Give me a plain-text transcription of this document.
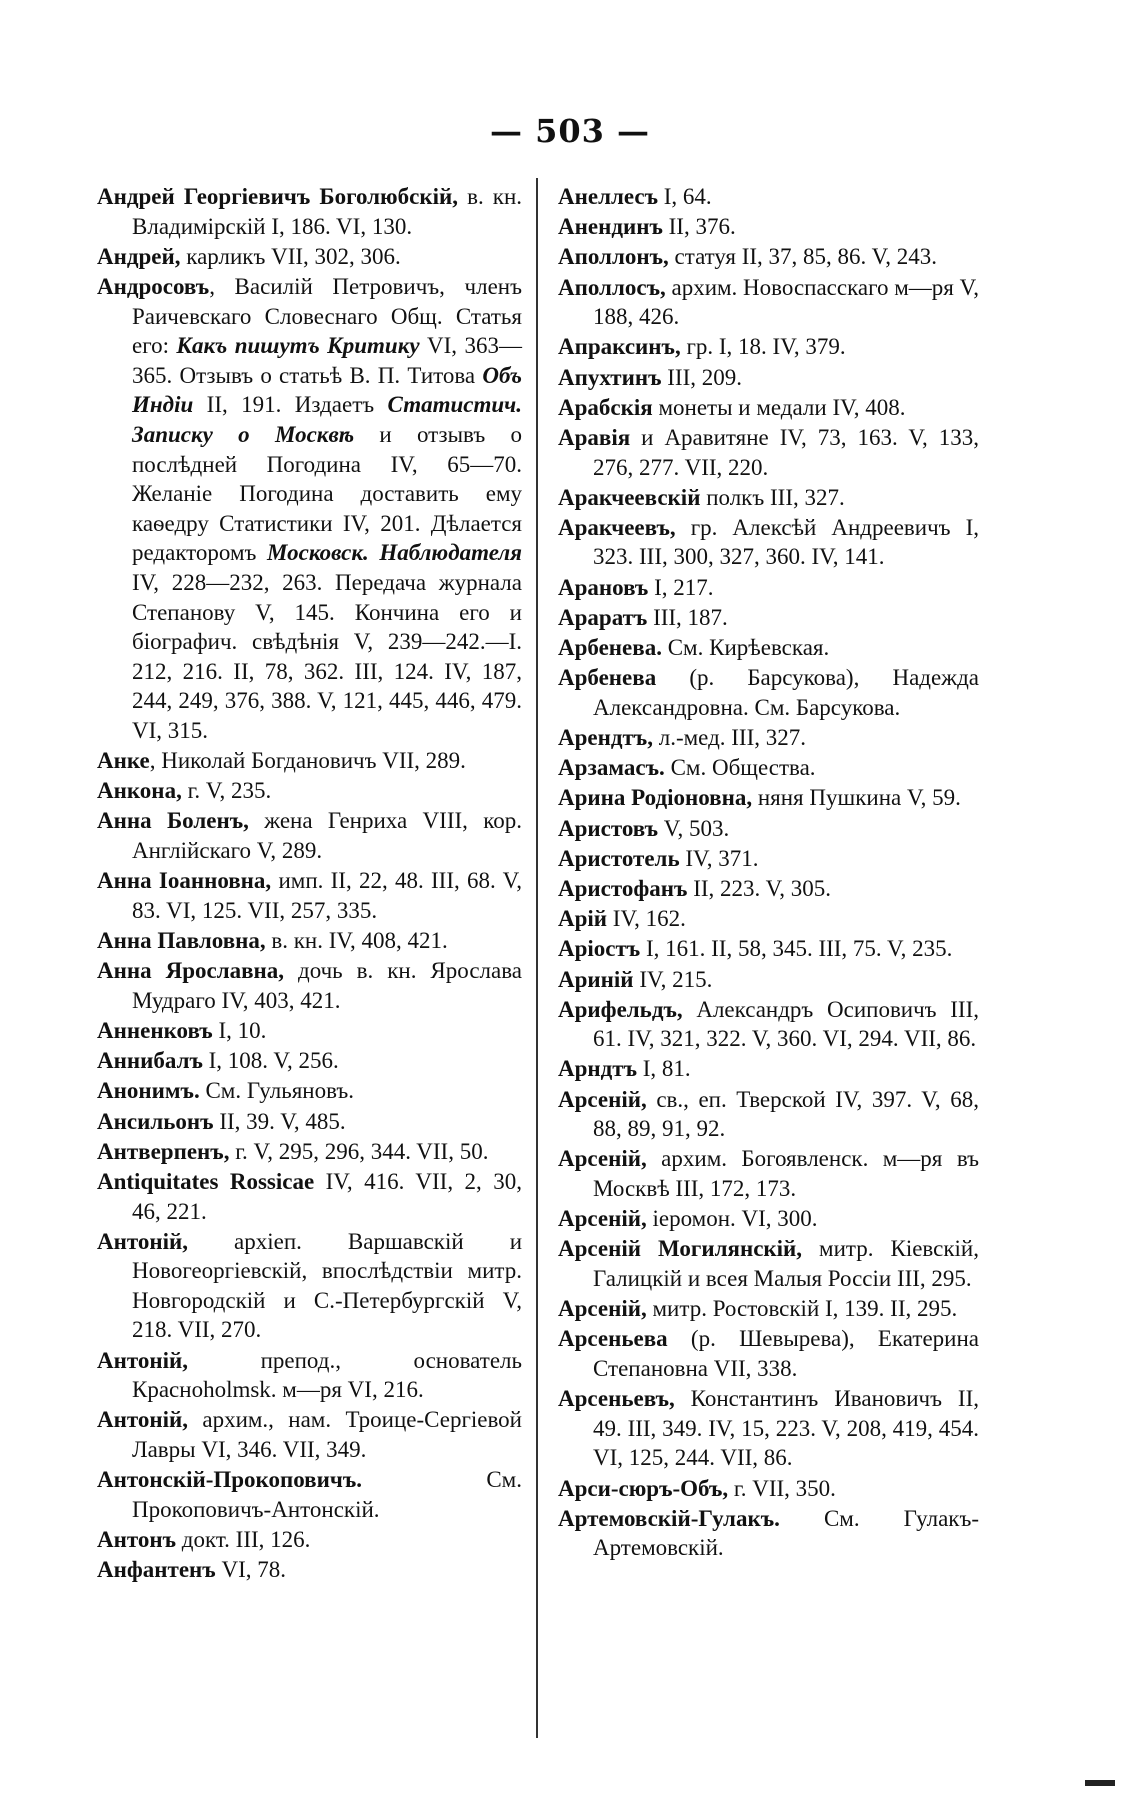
— 503 —

Андрей Георгіевичъ Боголюбскій, в. кн. Владимірскій I, 186. VI, 130.

Андрей, карликъ VII, 302, 306.

Андросовъ, Василій Петровичъ, членъ Раичевскаго Словеснаго Общ. Статья его: Какъ пишутъ Критику VI, 363—365. Отзывъ о статьѣ В. П. Титова Объ Индіи II, 191. Издаетъ Статистич. Записку о Москвѣ и отзывъ о послѣдней Погодина IV, 65—70. Желаніе Погодина доставить ему каѳедру Статистики IV, 201. Дѣлается редакторомъ Московск. Наблюдателя IV, 228—232, 263. Передача журнала Степанову V, 145. Кончина его и біографич. свѣдѣнія V, 239—242.—I. 212, 216. II, 78, 362. III, 124. IV, 187, 244, 249, 376, 388. V, 121, 445, 446, 479. VI, 315.

Анке, Николай Богдановичъ VII, 289.

Анкона, г. V, 235.

Анна Боленъ, жена Генриха VIII, кор. Англійскаго V, 289.

Анна Іоанновна, имп. II, 22, 48. III, 68. V, 83. VI, 125. VII, 257, 335.

Анна Павловна, в. кн. IV, 408, 421.

Анна Ярославна, дочь в. кн. Ярослава Мудраго IV, 403, 421.

Анненковъ I, 10.

Аннибалъ I, 108. V, 256.

Анонимъ. См. Гульяновъ.

Ансильонъ II, 39. V, 485.

Антверпенъ, г. V, 295, 296, 344. VII, 50.

Antiquitates Rossicae IV, 416. VII, 2, 30, 46, 221.

Антоній, архіеп. Варшавскій и Новогеоргіевскій, впослѣдствіи митр. Новгородскій и С.-Петербургскій V, 218. VII, 270.

Антоній, препод., основатель Красноholmsk. м—ря VI, 216.

Антоній, архим., нам. Троице-Сергіевой Лавры VI, 346. VII, 349.

Антонскій-Прокоповичъ. См. Прокоповичъ-Антонскій.

Антонъ докт. III, 126.

Анфантенъ VI, 78.

Анеллесъ I, 64.

Анендинъ II, 376.

Аполлонъ, статуя II, 37, 85, 86. V, 243.

Аполлосъ, архим. Новоспасскаго м—ря V, 188, 426.

Апраксинъ, гр. I, 18. IV, 379.

Апухтинъ III, 209.

Арабскія монеты и медали IV, 408.

Аравія и Аравитяне IV, 73, 163. V, 133, 276, 277. VII, 220.

Аракчеевскій полкъ III, 327.

Аракчеевъ, гр. Алексѣй Андреевичъ I, 323. III, 300, 327, 360. IV, 141.

Арановъ I, 217.

Араратъ III, 187.

Арбенева. См. Кирѣевская.

Арбенева (р. Барсукова), Надежда Александровна. См. Барсукова.

Арендтъ, л.-мед. III, 327.

Арзамасъ. См. Общества.

Арина Родіоновна, няня Пушкина V, 59.

Аристовъ V, 503.

Аристотель IV, 371.

Аристофанъ II, 223. V, 305.

Арій IV, 162.

Аріостъ I, 161. II, 58, 345. III, 75. V, 235.

Ариній IV, 215.

Арифельдъ, Александръ Осиповичъ III, 61. IV, 321, 322. V, 360. VI, 294. VII, 86.

Арндтъ I, 81.

Арсеній, св., еп. Тверской IV, 397. V, 68, 88, 89, 91, 92.

Арсеній, архим. Богоявленск. м—ря въ Москвѣ III, 172, 173.

Арсеній, іеромон. VI, 300.

Арсеній Могилянскій, митр. Кіевскій, Галицкій и всея Малыя Россіи III, 295.

Арсеній, митр. Ростовскій I, 139. II, 295.

Арсеньева (р. Шевырева), Екатерина Степановна VII, 338.

Арсеньевъ, Константинъ Ивановичъ II, 49. III, 349. IV, 15, 223. V, 208, 419, 454. VI, 125, 244. VII, 86.

Арси-сюръ-Объ, г. VII, 350.

Артемовскій-Гулакъ. См. Гулакъ-Артемовскій.
